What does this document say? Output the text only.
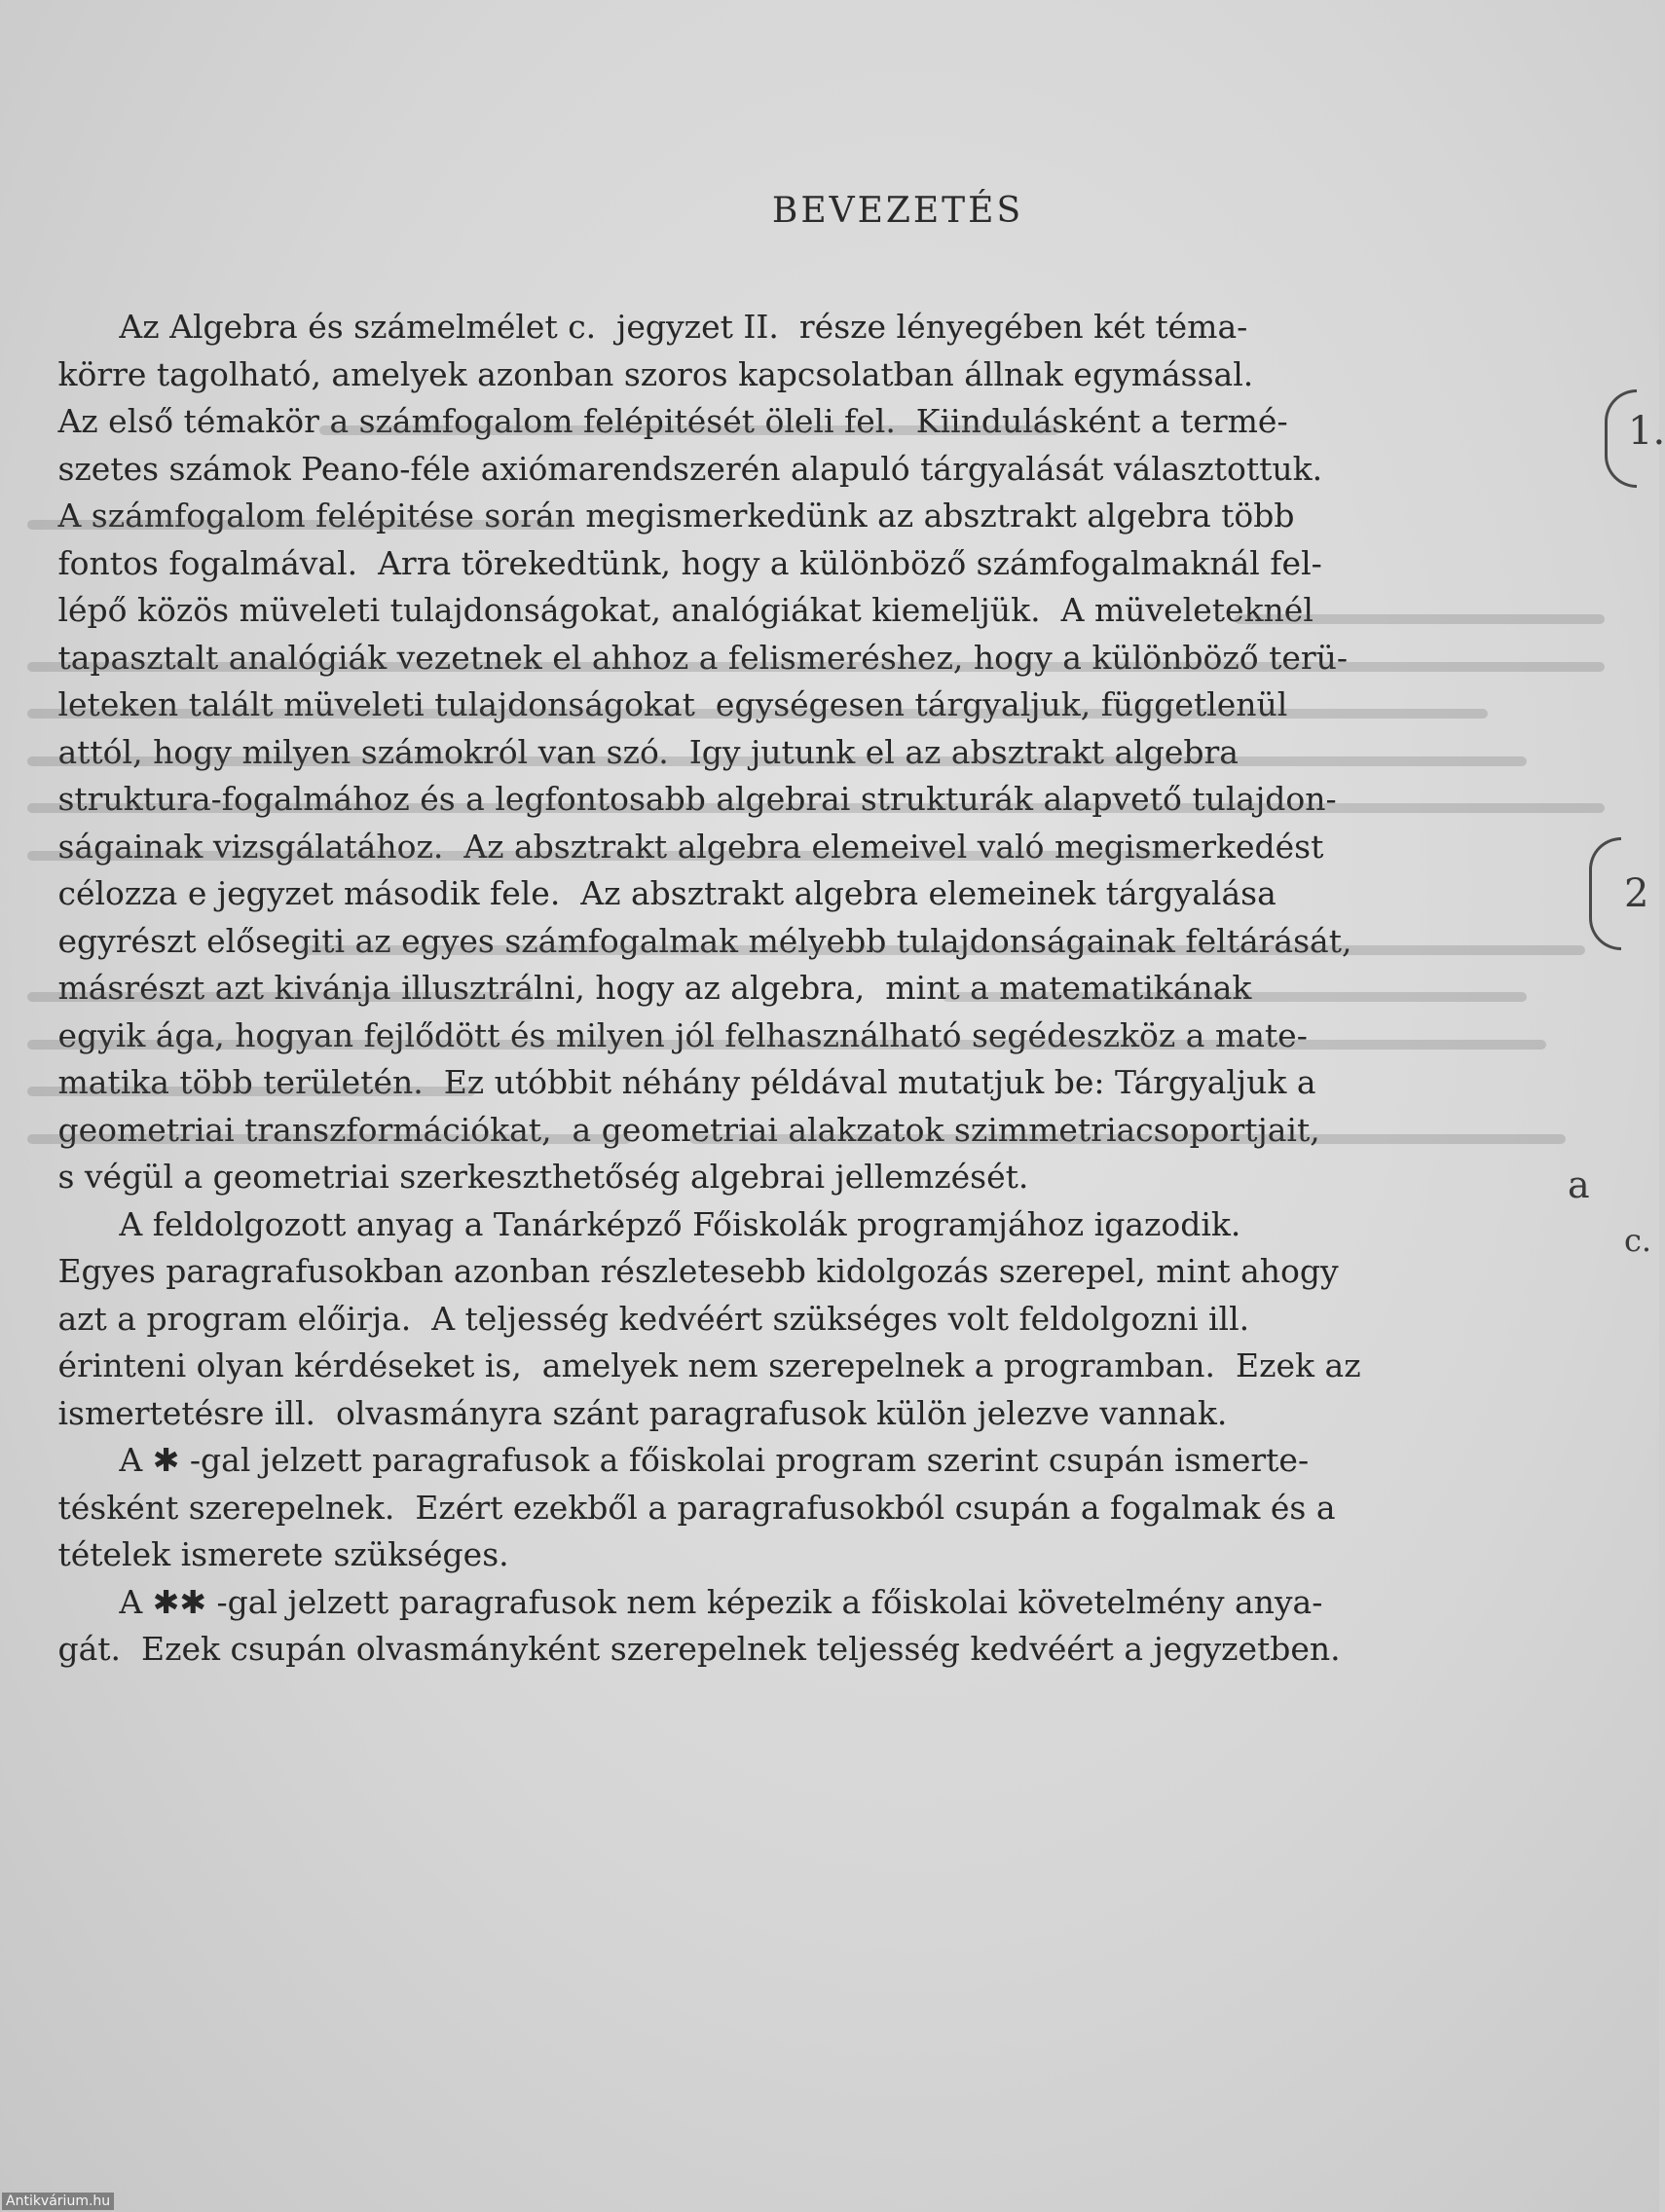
BEVEZETÉS
Az Algebra és számelmélet c.  jegyzet II.  része lényegében két téma-
körre tagolható, amelyek azonban szoros kapcsolatban állnak egymással.
Az első témakör a számfogalom felépitését öleli fel.  Kiindulásként a termé-
szetes számok Peano-féle axiómarendszerén alapuló tárgyalását választottuk.
A számfogalom felépitése során megismerkedünk az absztrakt algebra több
fontos fogalmával.  Arra törekedtünk, hogy a különböző számfogalmaknál fel-
lépő közös müveleti tulajdonságokat, analógiákat kiemeljük.  A müveleteknél
tapasztalt analógiák vezetnek el ahhoz a felismeréshez, hogy a különböző terü-
leteken talált müveleti tulajdonságokat  egységesen tárgyaljuk, függetlenül
attól, hogy milyen számokról van szó.  Igy jutunk el az absztrakt algebra
struktura-fogalmához és a legfontosabb algebrai strukturák alapvető tulajdon-
ságainak vizsgálatához.  Az absztrakt algebra elemeivel való megismerkedést
célozza e jegyzet második fele.  Az absztrakt algebra elemeinek tárgyalása
egyrészt elősegiti az egyes számfogalmak mélyebb tulajdonságainak feltárását,
másrészt azt kivánja illusztrálni, hogy az algebra,  mint a matematikának
egyik ága, hogyan fejlődött és milyen jól felhasználható segédeszköz a mate-
matika több területén.  Ez utóbbit néhány példával mutatjuk be: Tárgyaljuk a
geometriai transzformációkat,  a geometriai alakzatok szimmetriacsoportjait,
s végül a geometriai szerkeszthetőség algebrai jellemzését.
A feldolgozott anyag a Tanárképző Főiskolák programjához igazodik.
Egyes paragrafusokban azonban részletesebb kidolgozás szerepel, mint ahogy
azt a program előirja.  A teljesség kedvéért szükséges volt feldolgozni ill.
érinteni olyan kérdéseket is,  amelyek nem szerepelnek a programban.  Ezek az
ismertetésre ill.  olvasmányra szánt paragrafusok külön jelezve vannak.
A ✱ -gal jelzett paragrafusok a főiskolai program szerint csupán ismerte-
tésként szerepelnek.  Ezért ezekből a paragrafusokból csupán a fogalmak és a
tételek ismerete szükséges.
A ✱✱ -gal jelzett paragrafusok nem képezik a főiskolai követelmény anya-
gát.  Ezek csupán olvasmányként szerepelnek teljesség kedvéért a jegyzetben.
1.
2
a
c.
Antikvárium.hu
